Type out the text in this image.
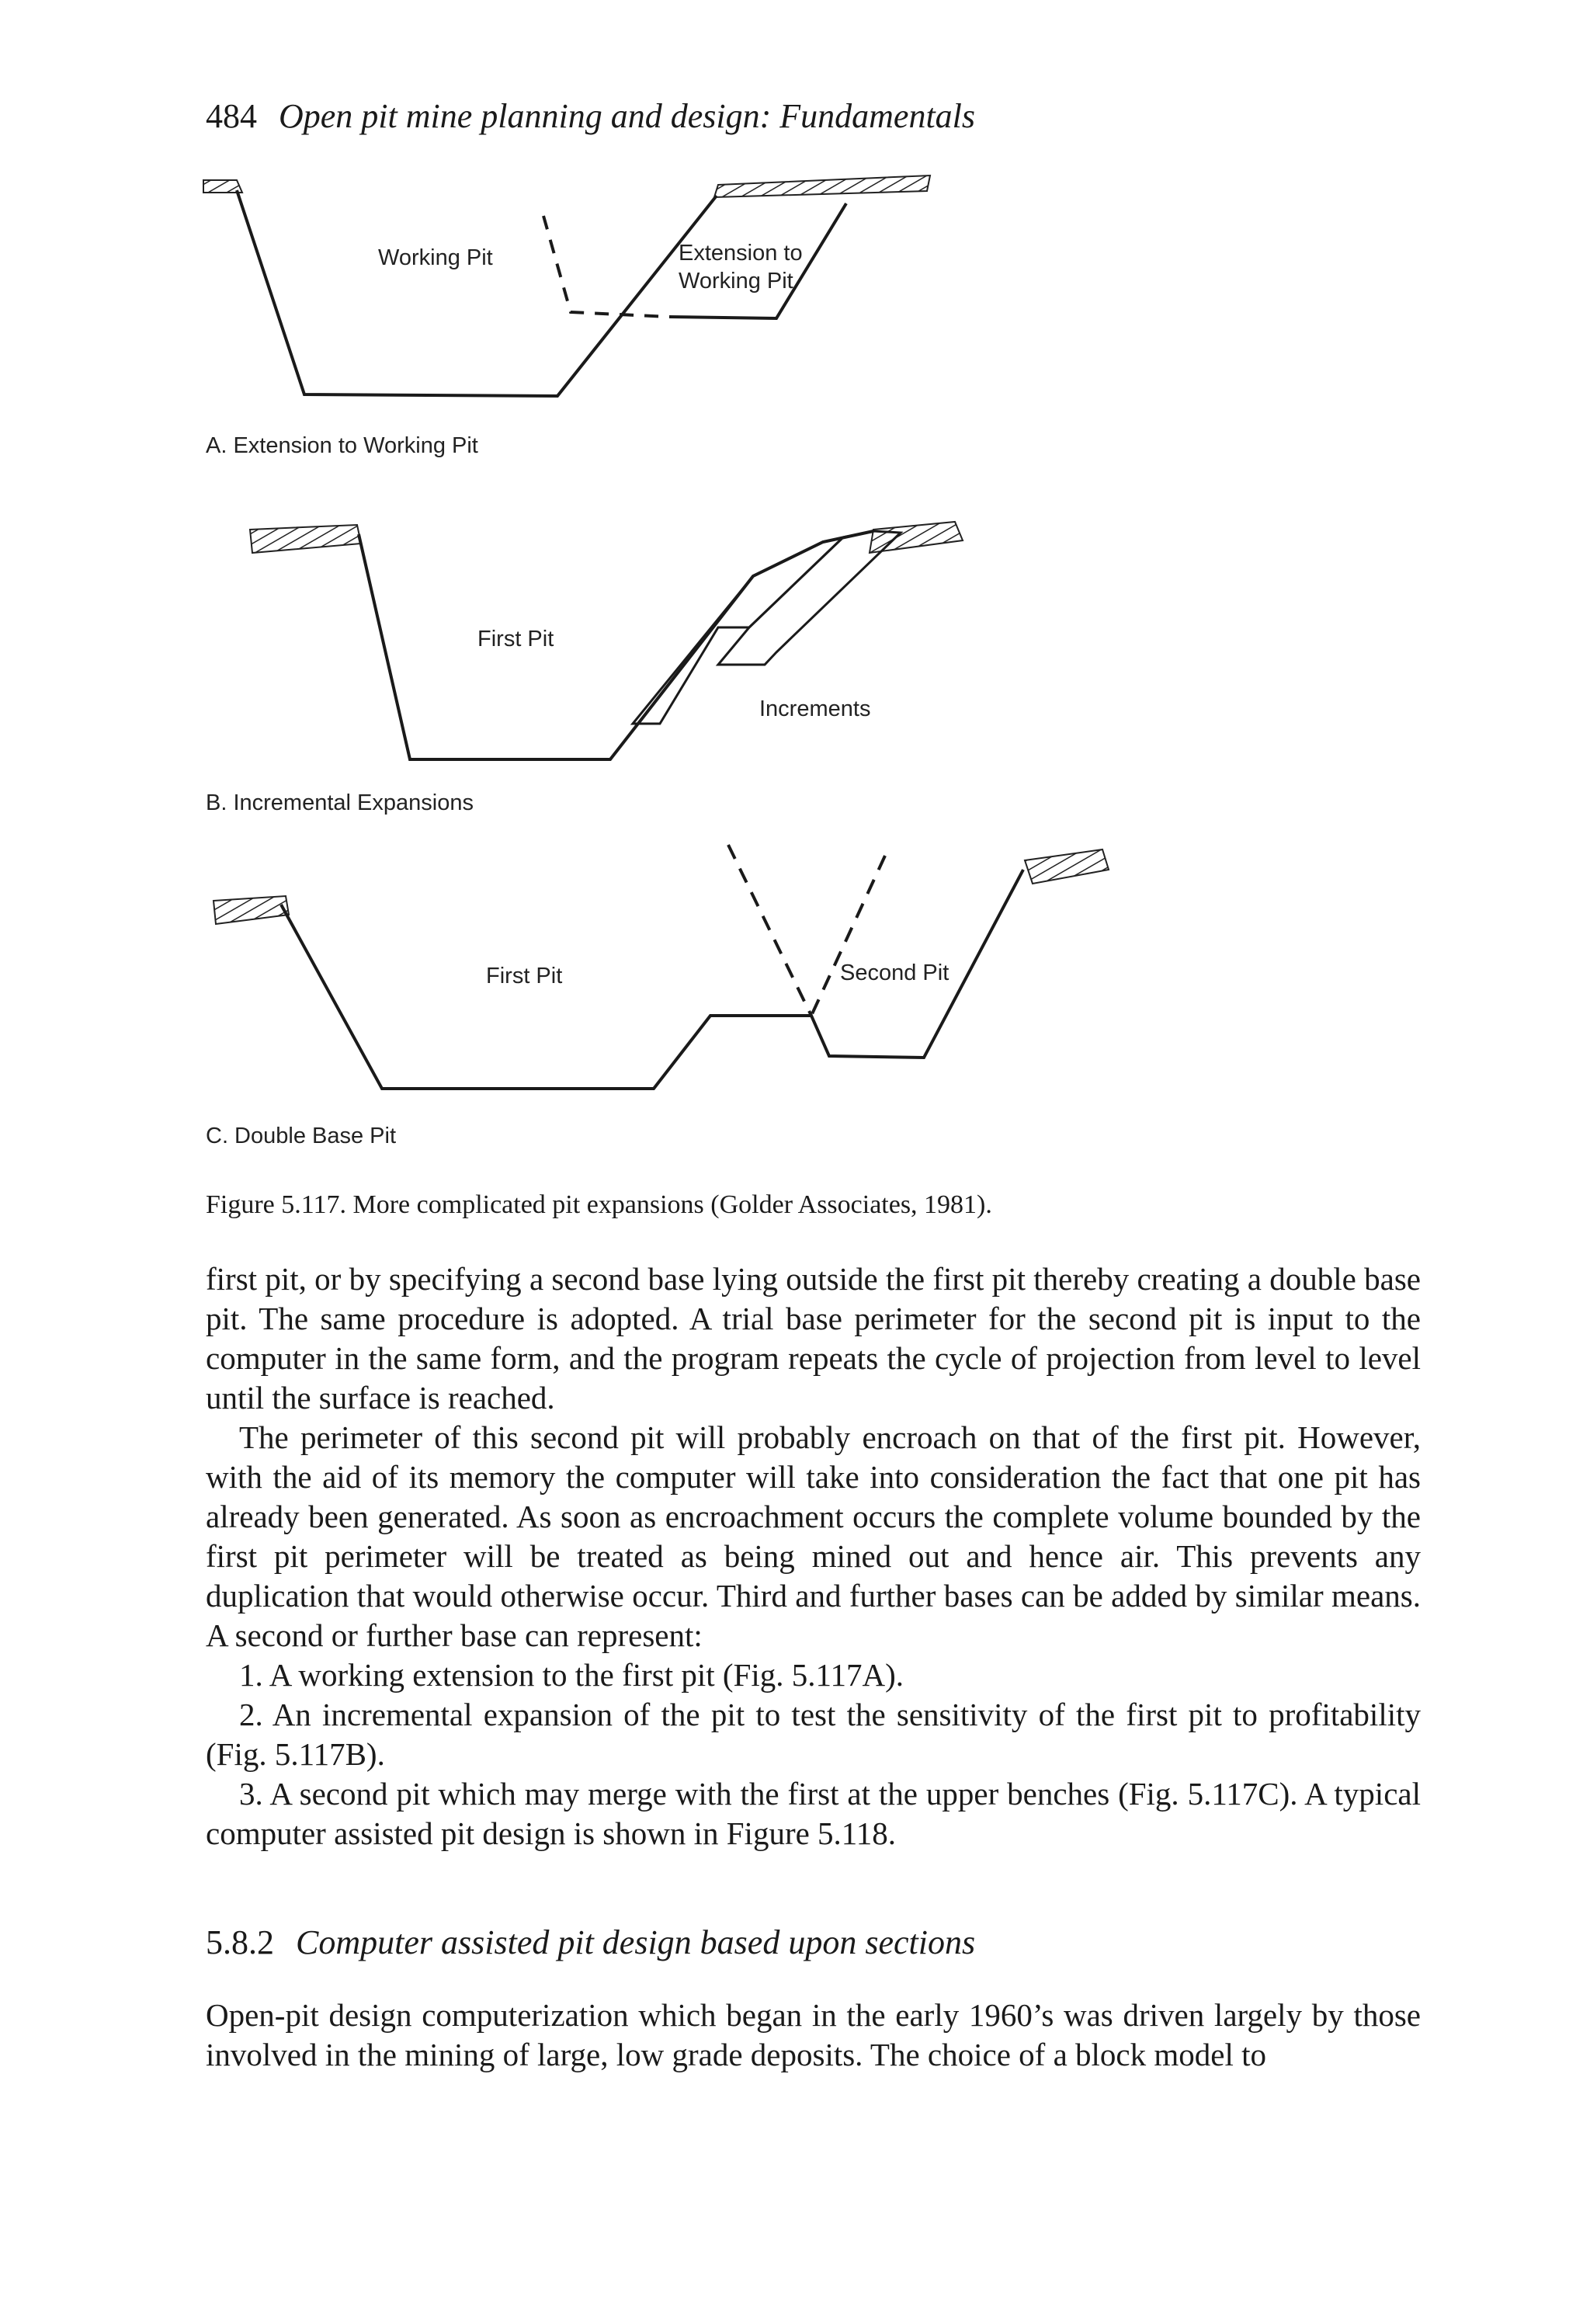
484 Open pit mine planning and design: Fundamentals
Working Pit	Extension to
Working Pit
A. Extension to Working Pit
First Pit
Increments
B. Incremental Expansions
First Pit	Second Pit
C. Double Base Pit
Figure 5.117. More complicated pit expansions (Golder Associates, 1981).

first pit, or by specifying a second base lying outside the first pit thereby creating a double base pit. The same procedure is adopted. A trial base perimeter for the second pit is input to the computer in the same form, and the program repeats the cycle of projection from level to level until the surface is reached.

The perimeter of this second pit will probably encroach on that of the first pit. However, with the aid of its memory the computer will take into consideration the fact that one pit has already been generated. As soon as encroachment occurs the complete volume bounded by the first pit perimeter will be treated as being mined out and hence air. This prevents any duplication that would otherwise occur. Third and further bases can be added by similar means. A second or further base can represent:

1. A working extension to the first pit (Fig. 5.117A).

2. An incremental expansion of the pit to test the sensitivity of the first pit to profitability (Fig. 5.117B).

3. A second pit which may merge with the first at the upper benches (Fig. 5.117C). A typical computer assisted pit design is shown in Figure 5.118.

5.8.2 Computer assisted pit design based upon sections

Open-pit design computerization which began in the early 1960’s was driven largely by those involved in the mining of large, low grade deposits. The choice of a block model to
